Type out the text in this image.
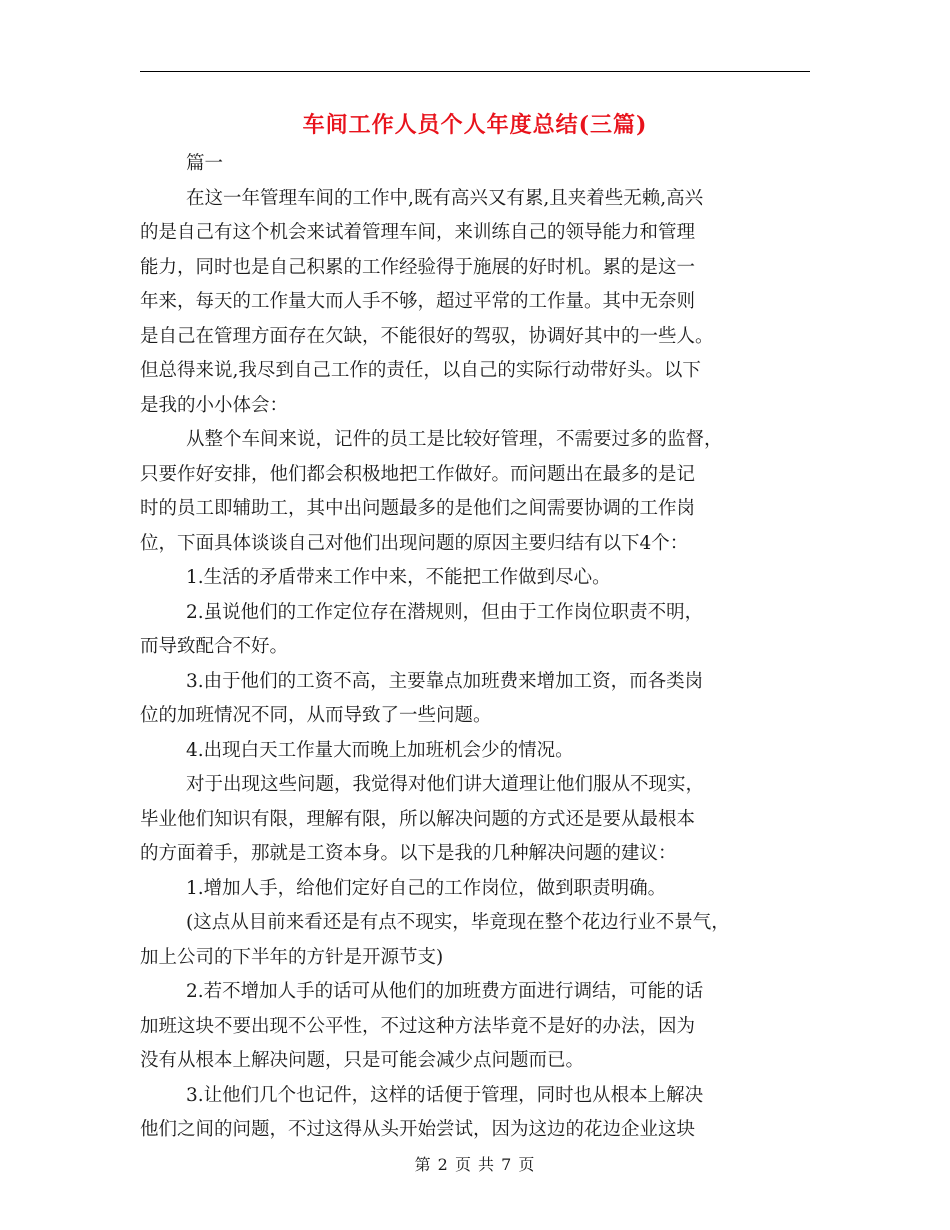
车间工作人员个人年度总结(三篇)
篇一
在这一年管理车间的工作中,既有高兴又有累,且夹着些无赖,高兴
的是自己有这个机会来试着管理车间，来训练自己的领导能力和管理
能力，同时也是自己积累的工作经验得于施展的好时机。累的是这一
年来，每天的工作量大而人手不够，超过平常的工作量。其中无奈则
是自己在管理方面存在欠缺，不能很好的驾驭，协调好其中的一些人。
但总得来说,我尽到自己工作的责任，以自己的实际行动带好头。以下
是我的小小体会：
从整个车间来说，记件的员工是比较好管理，不需要过多的监督，
只要作好安排，他们都会积极地把工作做好。而问题出在最多的是记
时的员工即辅助工，其中出问题最多的是他们之间需要协调的工作岗
位，下面具体谈谈自己对他们出现问题的原因主要归结有以下4个：
1.生活的矛盾带来工作中来，不能把工作做到尽心。
2.虽说他们的工作定位存在潜规则，但由于工作岗位职责不明，
而导致配合不好。
3.由于他们的工资不高，主要靠点加班费来增加工资，而各类岗
位的加班情况不同，从而导致了一些问题。
4.出现白天工作量大而晚上加班机会少的情况。
对于出现这些问题，我觉得对他们讲大道理让他们服从不现实，
毕业他们知识有限，理解有限，所以解决问题的方式还是要从最根本
的方面着手，那就是工资本身。以下是我的几种解决问题的建议：
1.增加人手，给他们定好自己的工作岗位，做到职责明确。
(这点从目前来看还是有点不现实，毕竟现在整个花边行业不景气，
加上公司的下半年的方针是开源节支)
2.若不增加人手的话可从他们的加班费方面进行调结，可能的话
加班这块不要出现不公平性，不过这种方法毕竟不是好的办法，因为
没有从根本上解决问题，只是可能会减少点问题而已。
3.让他们几个也记件，这样的话便于管理，同时也从根本上解决
他们之间的问题，不过这得从头开始尝试，因为这边的花边企业这块
第 2 页 共 7 页
